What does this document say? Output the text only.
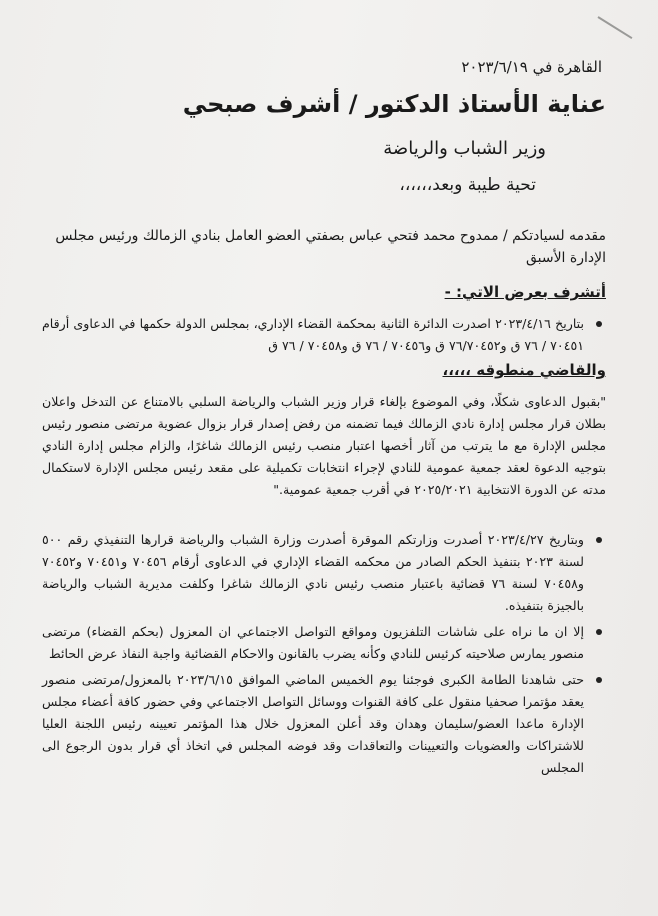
القاهرة في ٢٠٢٣/٦/١٩
عناية الأستاذ الدكتور / أشرف صبحي
وزير الشباب والرياضة
تحية طيبة وبعد،،،،،،

مقدمه لسيادتكم / ممدوح محمد فتحي عباس بصفتي العضو العامل بنادي الزمالك ورئيس مجلس الإدارة الأسبق

أتشرف بعرض الاتي: -
بتاريخ ٢٠٢٣/٤/١٦ اصدرت الدائرة الثانية بمحكمة القضاء الإداري، بمجلس الدولة حكمها في الدعاوى أرقام ٧٠٤٥١ / ٧٦ ق و٧٦/٧٠٤٥٢ ق و٧٠٤٥٦ / ٧٦ ق و٧٠٤٥٨ / ٧٦ ق
والقاضي منطوقه ،،،،،

"بقبول الدعاوى شكلًا، وفي الموضوع بإلغاء قرار وزير الشباب والرياضة السلبي بالامتناع عن التدخل واعلان بطلان قرار مجلس إدارة نادي الزمالك فيما تضمنه من رفض إصدار قرار بزوال عضوية مرتضى منصور رئيس مجلس الإدارة مع ما يترتب من آثار أخصها اعتبار منصب رئيس الزمالك شاغرًا، والزام مجلس إدارة النادي بتوجيه الدعوة لعقد جمعية عمومية للنادي لإجراء انتخابات تكميلية على مقعد رئيس مجلس الإدارة لاستكمال مدته عن الدورة الانتخابية ٢٠٢٥/٢٠٢١ في أقرب جمعية عمومية."

وبتاريخ ٢٠٢٣/٤/٢٧ أصدرت وزارتكم الموقرة أصدرت وزارة الشباب والرياضة قرارها التنفيذي رقم ٥٠٠ لسنة ٢٠٢٣ بتنفيذ الحكم الصادر من محكمه القضاء الإداري في الدعاوى أرقام ٧٠٤٥٦ و٧٠٤٥١ و٧٠٤٥٢ و٧٠٤٥٨ لسنة ٧٦ قضائية باعتبار منصب رئيس نادي الزمالك شاغرا وكلفت مديرية الشباب والرياضة بالجيزة بتنفيذه.
إلا ان ما نراه على شاشات التلفزيون ومواقع التواصل الاجتماعي ان المعزول (بحكم القضاء) مرتضى منصور يمارس صلاحيته كرئيس للنادي وكأنه يضرب بالقانون والاحكام القضائية واجبة النفاذ عرض الحائط
حتى شاهدنا الطامة الكبرى فوجئنا يوم الخميس الماضي الموافق ٢٠٢٣/٦/١٥ بالمعزول/مرتضى منصور يعقد مؤتمرا صحفيا منقول على كافة القنوات ووسائل التواصل الاجتماعي وفي حضور كافة أعضاء مجلس الإدارة ماعدا العضو/سليمان وهدان وقد أعلن المعزول خلال هذا المؤتمر تعيينه رئيس اللجنة العليا للاشتراكات والعضويات والتعيينات والتعاقدات وقد فوضه المجلس في اتخاذ أي قرار بدون الرجوع الى المجلس
